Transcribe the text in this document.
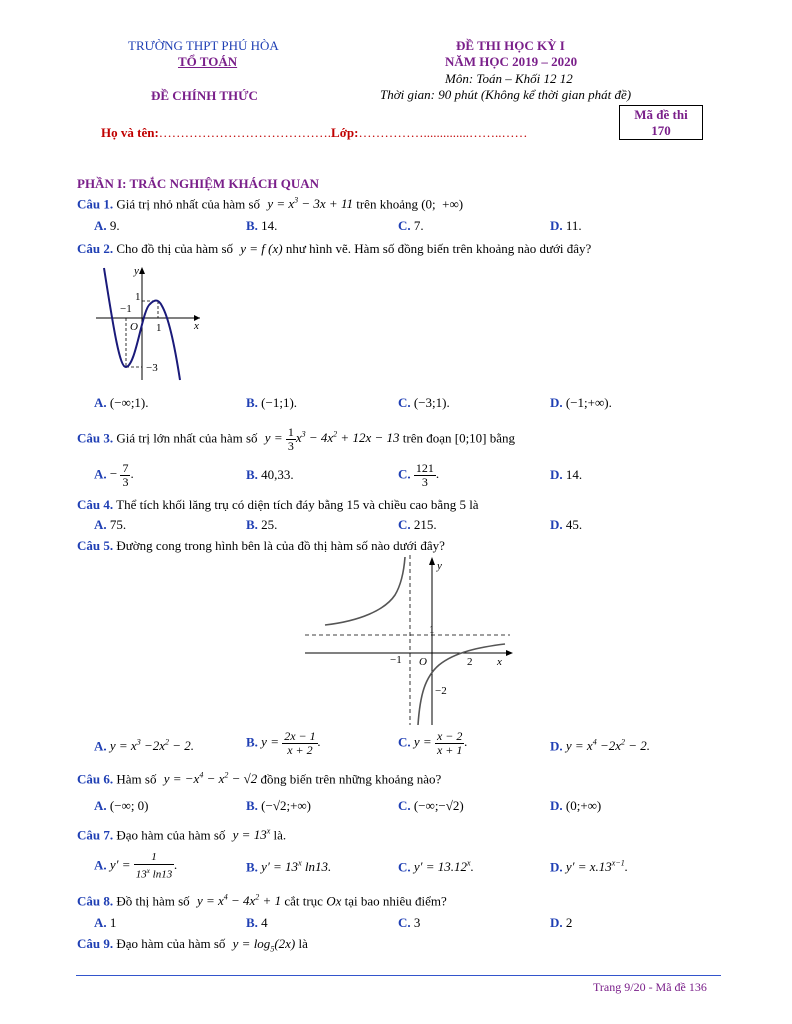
TRƯỜNG THPT PHÚ HÒA
TỔ TOÁN
ĐỀ CHÍNH THỨC
ĐỀ THI HỌC KỲ I
NĂM HỌC 2019 – 2020
Môn: Toán – Khối 12 12
Thời gian: 90 phút (Không kể thời gian phát đề)
Họ và tên:………………………………….Lớp:……………..............……..……
Mã đề thi
170
PHẦN I: TRẮC NGHIỆM KHÁCH QUAN
Câu 1. Giá trị nhỏ nhất của hàm số $y = x^3 - 3x + 11$ trên khoảng (0;  +∞)
A. 9.	B. 14.	C. 7.	D. 11.
Câu 2. Cho đồ thị của hàm số y = f (x) như hình vẽ. Hàm số đồng biến trên khoảng nào dưới đây?
y
x
O
−1
1
1
−3
A. (−∞;1).	B. (−1;1).	C. (−3;1).	D. (−1;+∞).
Câu 3. Giá trị lớn nhất của hàm số $y = \frac{1}{3} x^3 - 4x^2 + 12x - 13$ trên đoạn [0;10] bằng
A. − $\frac{7}{3}$ .	B. 40,33.	C. $\frac{121}{3}$ .	D. 14.
Câu 4. Thể tích khối lăng trụ có diện tích đáy bằng 15 và chiều cao bằng 5 là
A. 75.	B. 25.	C. 215.	D. 45.
Câu 5. Đường cong trong hình bên là của đồ thị hàm số nào dưới đây?
y
x
O
−1
1
2
−2
A. $y = x^3 -2x^2 - 2$.	B. $y = \frac{2x - 1}{x + 2}$ .	C. $y = \frac{x - 2}{x + 1}$ .	D. $y = x^4 -2x^2 - 2$.
Câu 6. Hàm số $y = -x^4 - x^2 - √2$ đồng biến trên những khoảng nào?
A. (−∞; 0)	B. (−√2;+∞)	C. (−∞;−√2)	D. (0;+∞)
Câu 7. Đạo hàm của hàm số $y = 13^x$ là.
A. $y' = \frac{1}{13^x \ln 13}$ .	B. $y' = 13^x$ ln13.	C. $y' = 13.12^x$.	D. $y' = x.13^{x-1}$.
Câu 8. Đồ thị hàm số $y = x^4 - 4x^2 + 1$ cắt trục Ox tại bao nhiêu điểm?
A. 1	B. 4	C. 3	D. 2
Câu 9. Đạo hàm của hàm số $y = \log_5(2x)$ là
Trang 9/20 - Mã đề 136
